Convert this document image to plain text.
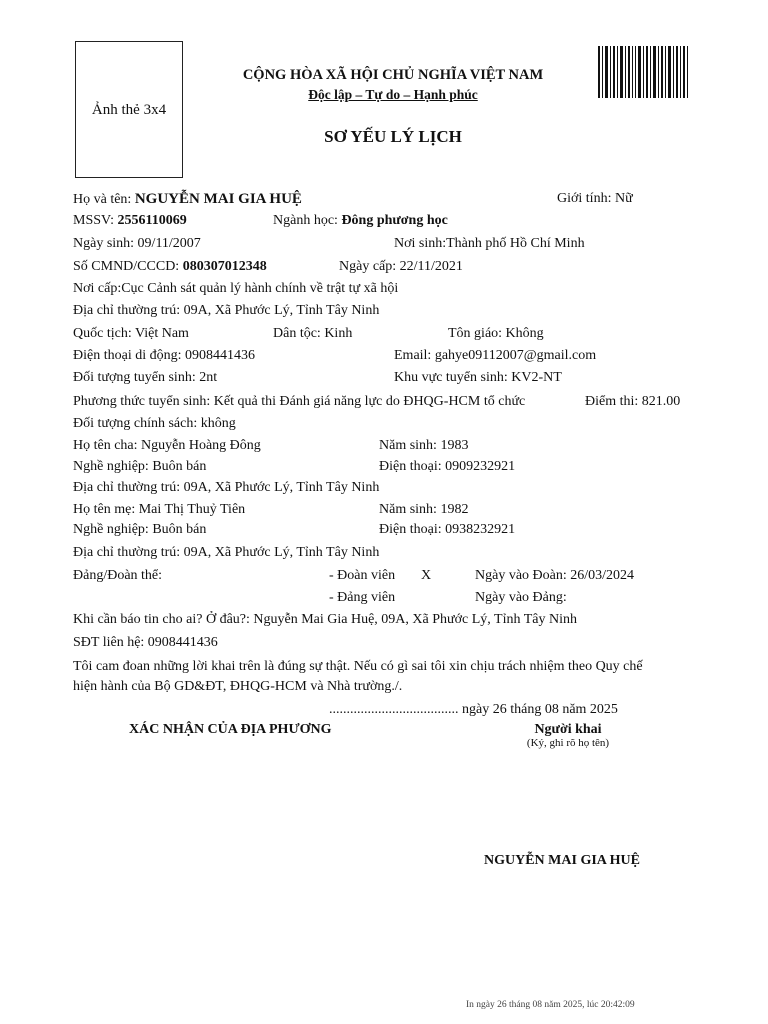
Ảnh thẻ 3x4
CỘNG HÒA XÃ HỘI CHỦ NGHĨA VIỆT NAM
Độc lập – Tự do – Hạnh phúc
SƠ YẾU LÝ LỊCH
Họ và tên: NGUYỄN MAI GIA HUỆ	Giới tính: Nữ
MSSV: 2556110069	Ngành học: Đông phương học
Ngày sinh: 09/11/2007	Nơi sinh:Thành phố Hồ Chí Minh
Số CMND/CCCD: 080307012348	Ngày cấp: 22/11/2021
Nơi cấp:Cục Cảnh sát quản lý hành chính về trật tự xã hội
Địa chỉ thường trú: 09A, Xã Phước Lý, Tỉnh Tây Ninh
Quốc tịch: Việt Nam	Dân tộc: Kinh	Tôn giáo: Không
Điện thoại di động: 0908441436	Email: gahye09112007@gmail.com
Đối tượng tuyển sinh: 2nt	Khu vực tuyển sinh: KV2-NT
Phương thức tuyển sinh: Kết quả thi Đánh giá năng lực do ĐHQG-HCM tổ chức	Điểm thi: 821.00
Đối tượng chính sách: không
Họ tên cha: Nguyễn Hoàng Đông	Năm sinh: 1983
Nghề nghiệp: Buôn bán	Điện thoại: 0909232921
Địa chỉ thường trú: 09A, Xã Phước Lý, Tỉnh Tây Ninh
Họ tên mẹ: Mai Thị Thuỷ Tiên	Năm sinh: 1982
Nghề nghiệp: Buôn bán	Điện thoại: 0938232921
Địa chỉ thường trú: 09A, Xã Phước Lý, Tỉnh Tây Ninh
Đảng/Đoàn thể:	- Đoàn viên X	Ngày vào Đoàn: 26/03/2024
- Đảng viên	Ngày vào Đảng:
Khi cần báo tin cho ai? Ở đâu?: Nguyễn Mai Gia Huệ, 09A, Xã Phước Lý, Tỉnh Tây Ninh
SĐT liên hệ: 0908441436
Tôi cam đoan những lời khai trên là đúng sự thật. Nếu có gì sai tôi xin chịu trách nhiệm theo Quy chế
hiện hành của Bộ GD&ĐT, ĐHQG-HCM và Nhà trường./.
..................................... ngày 26 tháng 08 năm 2025
XÁC NHẬN CỦA ĐỊA PHƯƠNG	Người khai
(Ký, ghi rõ họ tên)
NGUYỄN MAI GIA HUỆ
In ngày 26 tháng 08 năm 2025, lúc 20:42:09
